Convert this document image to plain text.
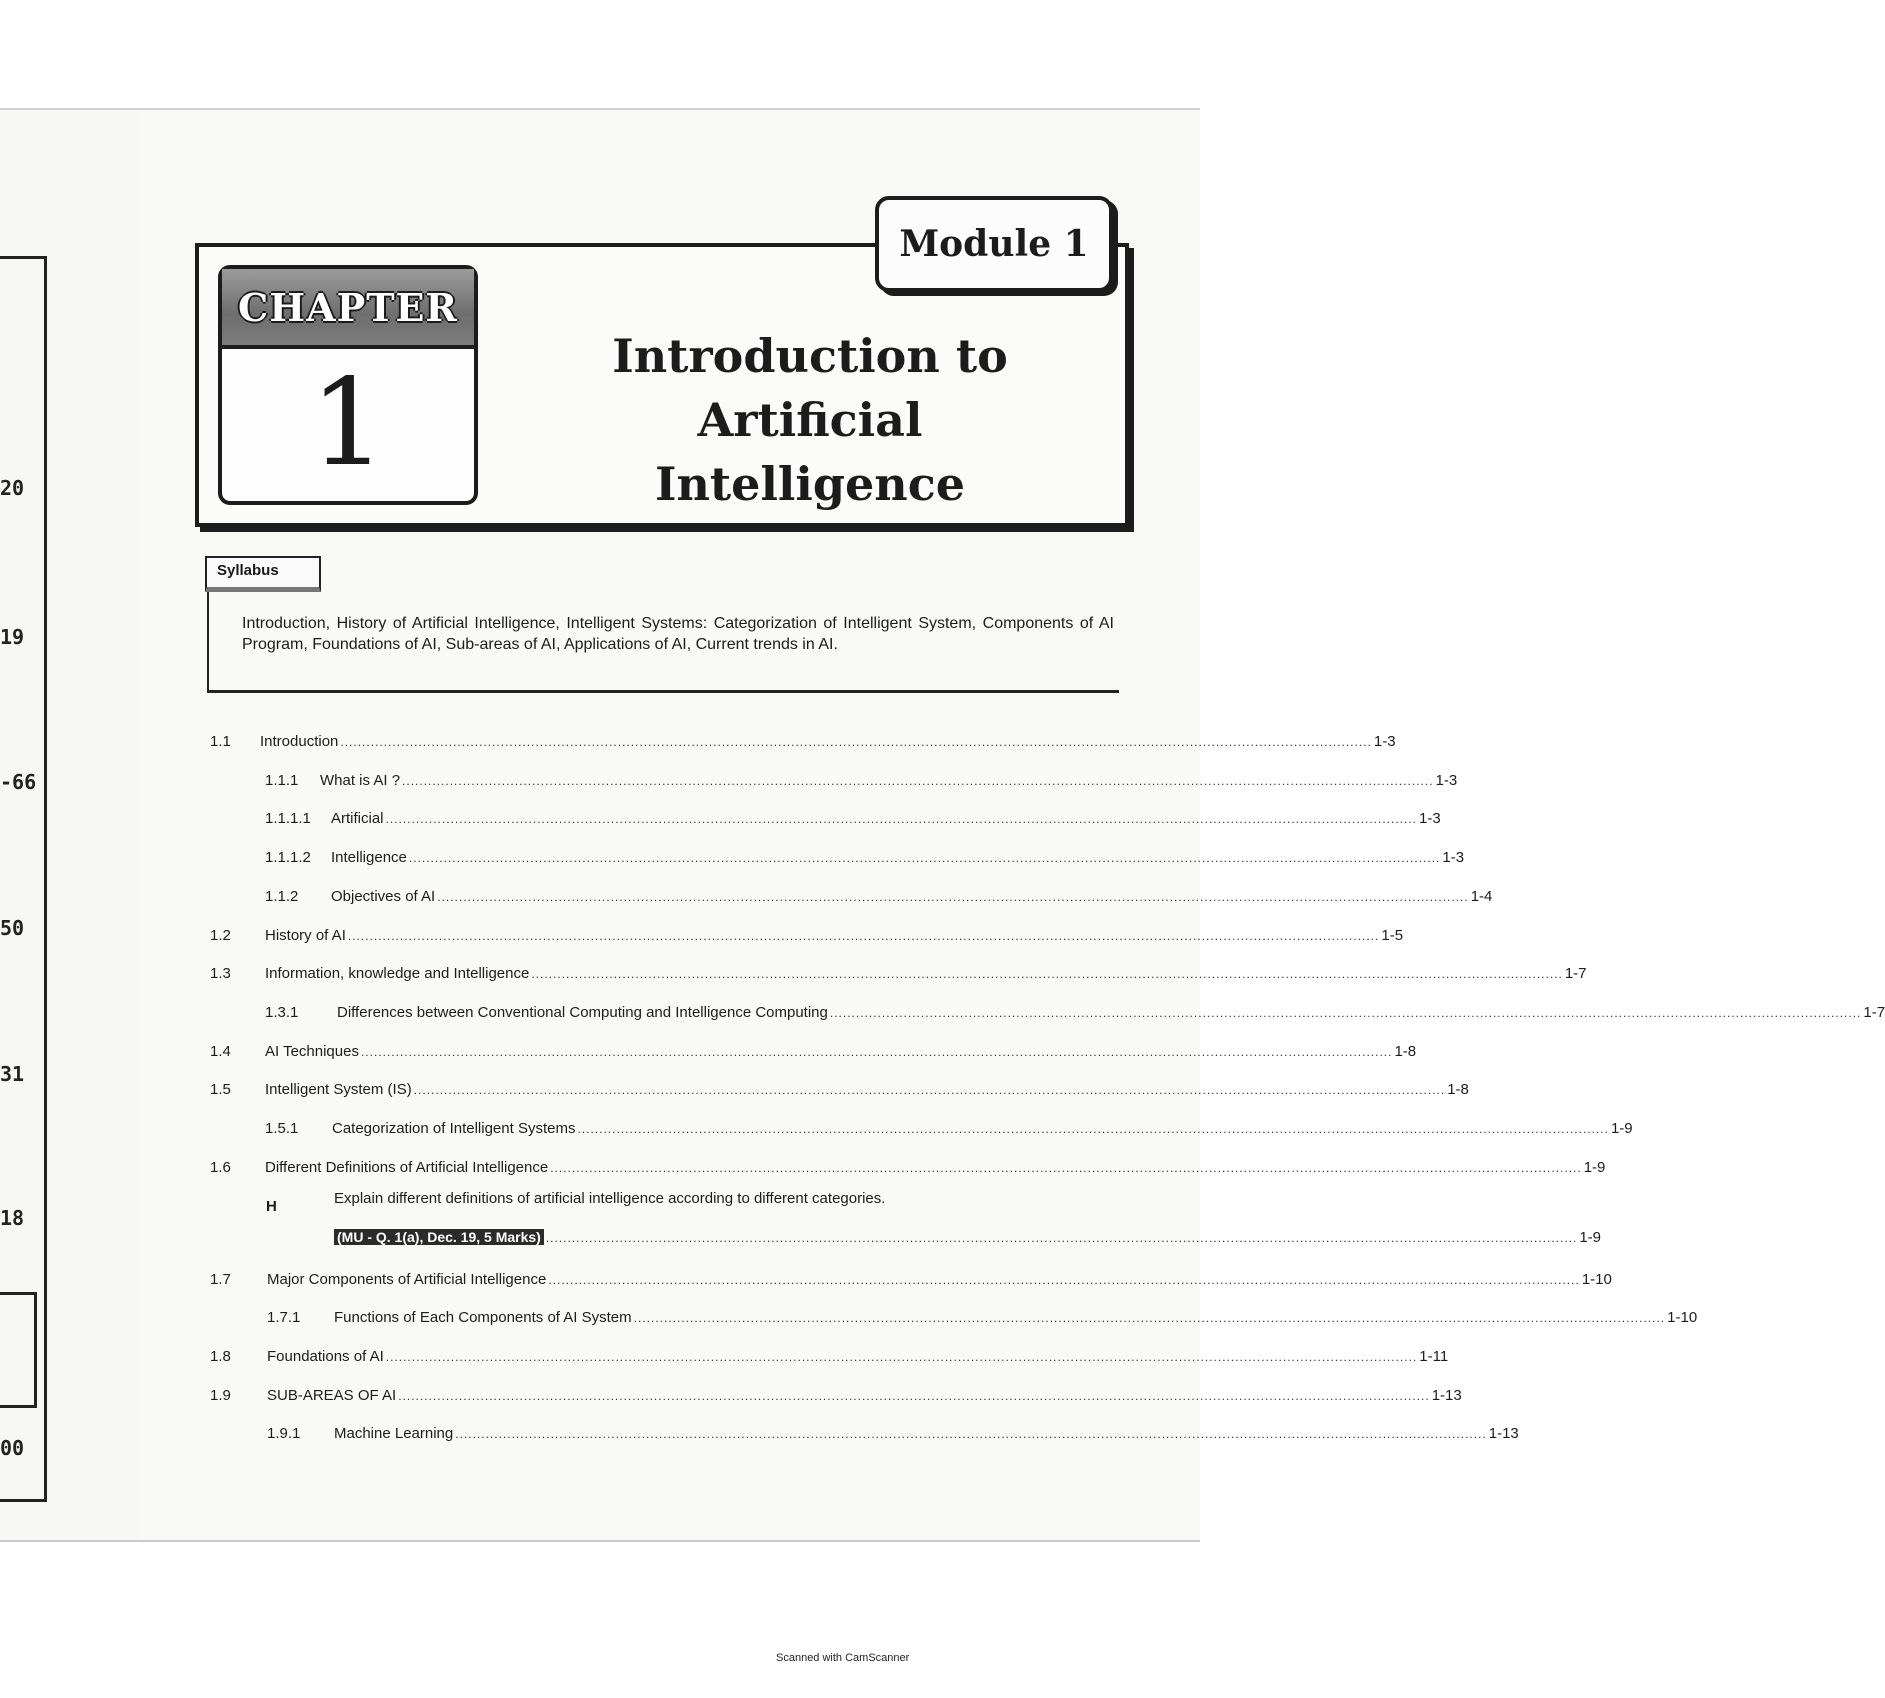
20
19
-66
50
31
18
00
CHAPTER
1
Module 1
Introduction to
Artificial Intelligence
Syllabus
Introduction, History of Artificial Intelligence, Intelligent Systems: Categorization of Intelligent System, Components of AI Program, Foundations of AI, Sub-areas of AI, Applications of AI, Current trends in AI.
1.1	Introduction .............................................................................................................................................................................................................................................. 1-3
1.1.1	What is AI ? .............................................................................................................................................................................................................................................. 1-3
1.1.1.1	Artificial .............................................................................................................................................................................................................................................. 1-3
1.1.1.2	Intelligence .............................................................................................................................................................................................................................................. 1-3
1.1.2	Objectives of AI .............................................................................................................................................................................................................................................. 1-4
1.2	History of AI .............................................................................................................................................................................................................................................. 1-5
1.3	Information, knowledge and Intelligence .............................................................................................................................................................................................................................................. 1-7
1.3.1	Differences between Conventional Computing and Intelligence Computing .............................................................................................................................................................................................................................................. 1-7
1.4	AI Techniques .............................................................................................................................................................................................................................................. 1-8
1.5	Intelligent System (IS) .............................................................................................................................................................................................................................................. 1-8
1.5.1	Categorization of Intelligent Systems .............................................................................................................................................................................................................................................. 1-9
1.6	Different Definitions of Artificial Intelligence .............................................................................................................................................................................................................................................. 1-9
H	Explain different definitions of artificial intelligence according to different categories.
(MU - Q. 1(a), Dec. 19, 5 Marks) .............................................................................................................................................................................................................................................. 1-9
1.7	Major Components of Artificial Intelligence .............................................................................................................................................................................................................................................. 1-10
1.7.1	Functions of Each Components of AI System .............................................................................................................................................................................................................................................. 1-10
1.8	Foundations of AI .............................................................................................................................................................................................................................................. 1-11
1.9	SUB-AREAS OF AI .............................................................................................................................................................................................................................................. 1-13
1.9.1	Machine Learning .............................................................................................................................................................................................................................................. 1-13
Scanned with CamScanner
